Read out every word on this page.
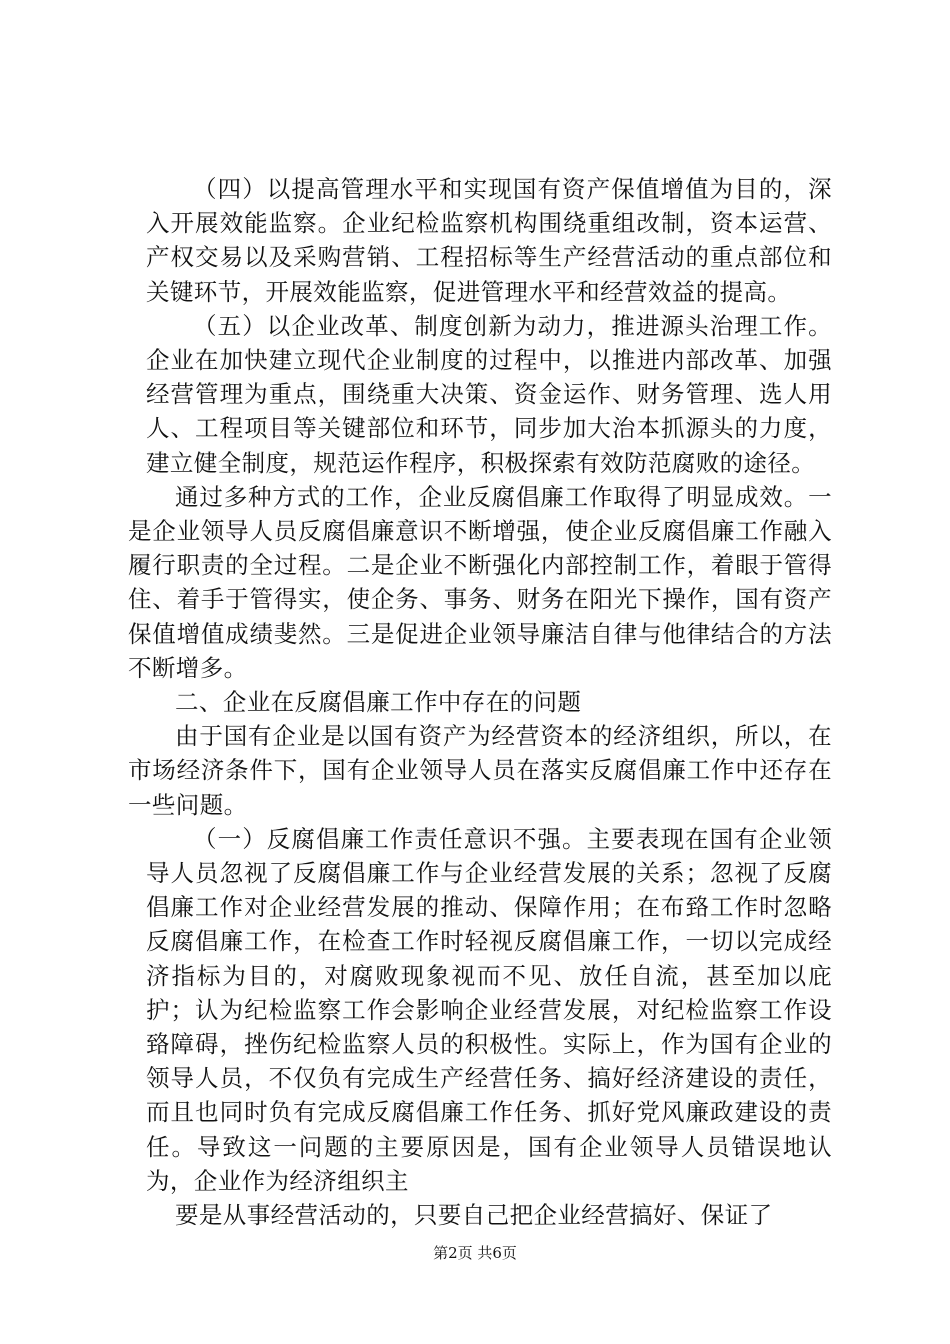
（四）以提高管理水平和实现国有资产保值增值为目的，深入开展效能监察。企业纪检监察机构围绕重组改制，资本运营、产权交易以及采购营销、工程招标等生产经营活动的重点部位和关键环节，开展效能监察，促进管理水平和经营效益的提高。

（五）以企业改革、制度创新为动力，推进源头治理工作。企业在加快建立现代企业制度的过程中，以推进内部改革、加强经营管理为重点，围绕重大决策、资金运作、财务管理、选人用人、工程项目等关键部位和环节，同步加大治本抓源头的力度，建立健全制度，规范运作程序，积极探索有效防范腐败的途径。

通过多种方式的工作，企业反腐倡廉工作取得了明显成效。一是企业领导人员反腐倡廉意识不断增强，使企业反腐倡廉工作融入履行职责的全过程。二是企业不断强化内部控制工作，着眼于管得住、着手于管得实，使企务、事务、财务在阳光下操作，国有资产保值增值成绩斐然。三是促进企业领导廉洁自律与他律结合的方法不断增多。

二、企业在反腐倡廉工作中存在的问题

由于国有企业是以国有资产为经营资本的经济组织，所以，在市场经济条件下，国有企业领导人员在落实反腐倡廉工作中还存在一些问题。

（一）反腐倡廉工作责任意识不强。主要表现在国有企业领导人员忽视了反腐倡廉工作与企业经营发展的关系；忽视了反腐倡廉工作对企业经营发展的推动、保障作用；在布臵工作时忽略反腐倡廉工作，在检查工作时轻视反腐倡廉工作，一切以完成经济指标为目的，对腐败现象视而不见、放任自流，甚至加以庇护；认为纪检监察工作会影响企业经营发展，对纪检监察工作设臵障碍，挫伤纪检监察人员的积极性。实际上，作为国有企业的领导人员，不仅负有完成生产经营任务、搞好经济建设的责任，而且也同时负有完成反腐倡廉工作任务、抓好党风廉政建设的责任。导致这一问题的主要原因是，国有企业领导人员错误地认为，企业作为经济组织主

要是从事经营活动的，只要自己把企业经营搞好、保证了

第2页 共6页
